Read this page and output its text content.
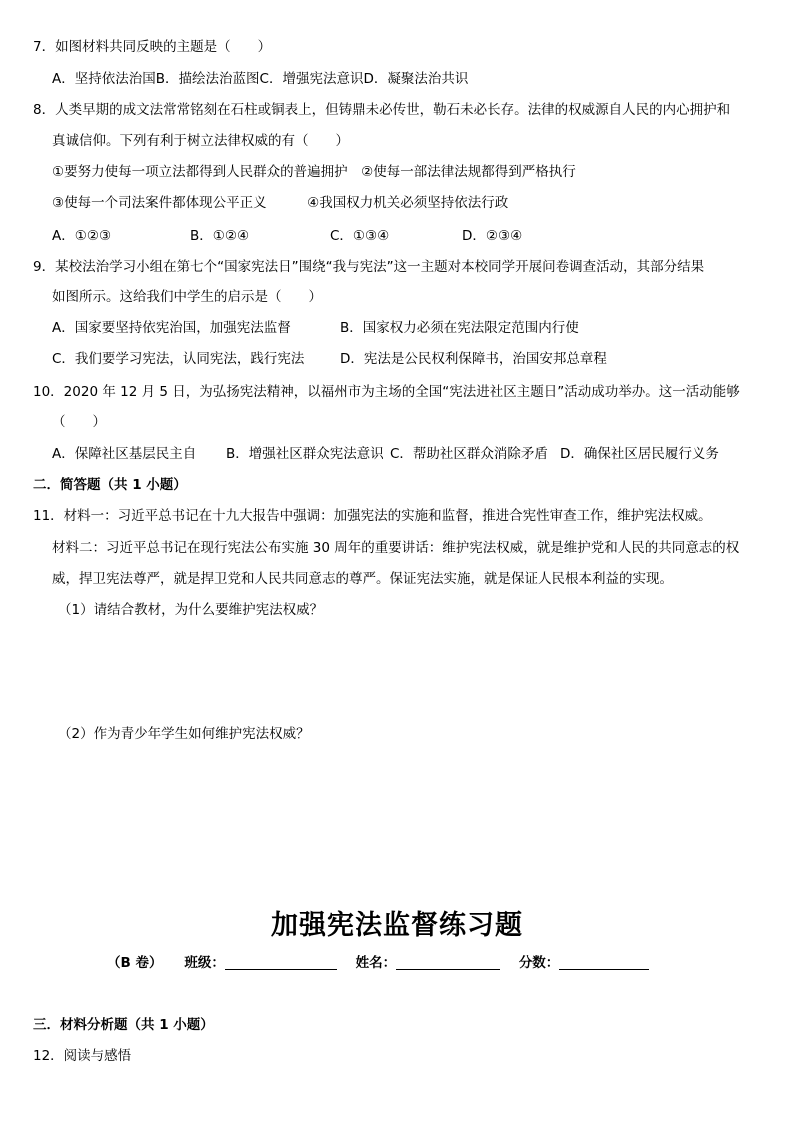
7．如图材料共同反映的主题是（　　）
A．坚持依法治国B．描绘法治蓝图C．增强宪法意识D．凝聚法治共识
8．人类早期的成文法常常铭刻在石柱或铜表上，但铸鼎未必传世，勒石未必长存。法律的权威源自人民的内心拥护和
真诚信仰。下列有利于树立法律权威的有（　　）
①要努力使每一项立法都得到人民群众的普遍拥护　②使每一部法律法规都得到严格执行
③使每一个司法案件都体现公平正义　　　④我国权力机关必须坚持依法行政
A．①②③	B．①②④	C．①③④	D．②③④
9．某校法治学习小组在第七个“国家宪法日”围绕“我与宪法”这一主题对本校同学开展问卷调查活动，其部分结果
如图所示。这给我们中学生的启示是（　　）
A．国家要坚持依宪治国，加强宪法监督	B．国家权力必须在宪法限定范围内行使
C．我们要学习宪法，认同宪法，践行宪法	D．宪法是公民权利保障书，治国安邦总章程
10．2020 年 12 月 5 日，为弘扬宪法精神，以福州市为主场的全国“宪法进社区主题日”活动成功举办。这一活动能够
（　　）
A．保障社区基层民主自 B．增强社区群众宪法意识 C．帮助社区群众消除矛盾 D．确保社区居民履行义务
二．简答题（共 1 小题）
11．材料一：习近平总书记在十九大报告中强调：加强宪法的实施和监督，推进合宪性审查工作，维护宪法权威。
材料二：习近平总书记在现行宪法公布实施 30 周年的重要讲话：维护宪法权威，就是维护党和人民的共同意志的权
威，捍卫宪法尊严，就是捍卫党和人民共同意志的尊严。保证宪法实施，就是保证人民根本利益的实现。
（1）请结合教材，为什么要维护宪法权威？
（2）作为青少年学生如何维护宪法权威？
加强宪法监督练习题
（B 卷） 班级：	姓名：	分数：
三．材料分析题（共 1 小题）
12．阅读与感悟
